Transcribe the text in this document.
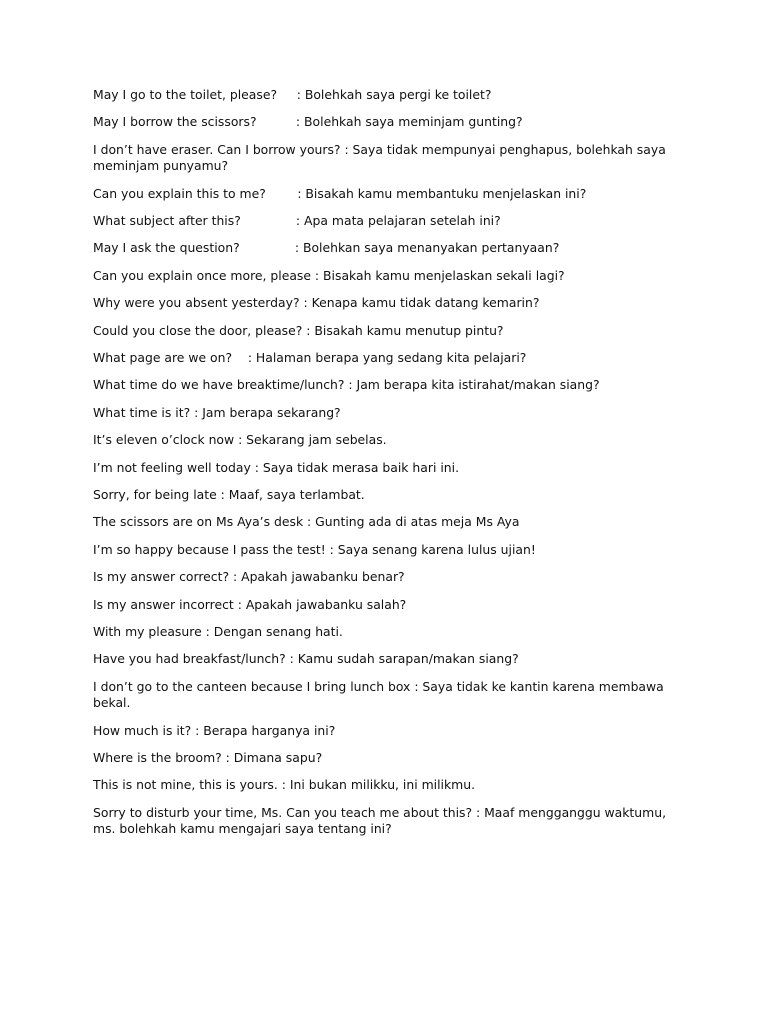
May I go to the toilet, please?     : Bolehkah saya pergi ke toilet?

May I borrow the scissors?          : Bolehkah saya meminjam gunting?

I don’t have eraser. Can I borrow yours? : Saya tidak mempunyai penghapus, bolehkah saya meminjam punyamu?

Can you explain this to me?        : Bisakah kamu membantuku menjelaskan ini?

What subject after this?              : Apa mata pelajaran setelah ini?

May I ask the question?              : Bolehkan saya menanyakan pertanyaan?

Can you explain once more, please : Bisakah kamu menjelaskan sekali lagi?

Why were you absent yesterday? : Kenapa kamu tidak datang kemarin?

Could you close the door, please? : Bisakah kamu menutup pintu?

What page are we on?    : Halaman berapa yang sedang kita pelajari?

What time do we have breaktime/lunch? : Jam berapa kita istirahat/makan siang?

What time is it? : Jam berapa sekarang?

It’s eleven o’clock now : Sekarang jam sebelas.

I’m not feeling well today : Saya tidak merasa baik hari ini.

Sorry, for being late : Maaf, saya terlambat.

The scissors are on Ms Aya’s desk : Gunting ada di atas meja Ms Aya

I’m so happy because I pass the test! : Saya senang karena lulus ujian!

Is my answer correct? : Apakah jawabanku benar?

Is my answer incorrect : Apakah jawabanku salah?

With my pleasure : Dengan senang hati.

Have you had breakfast/lunch? : Kamu sudah sarapan/makan siang?

I don’t go to the canteen because I bring lunch box : Saya tidak ke kantin karena membawa bekal.

How much is it? : Berapa harganya ini?

Where is the broom? : Dimana sapu?

This is not mine, this is yours. : Ini bukan milikku, ini milikmu.

Sorry to disturb your time, Ms. Can you teach me about this? : Maaf mengganggu waktumu, ms. bolehkah kamu mengajari saya tentang ini?
